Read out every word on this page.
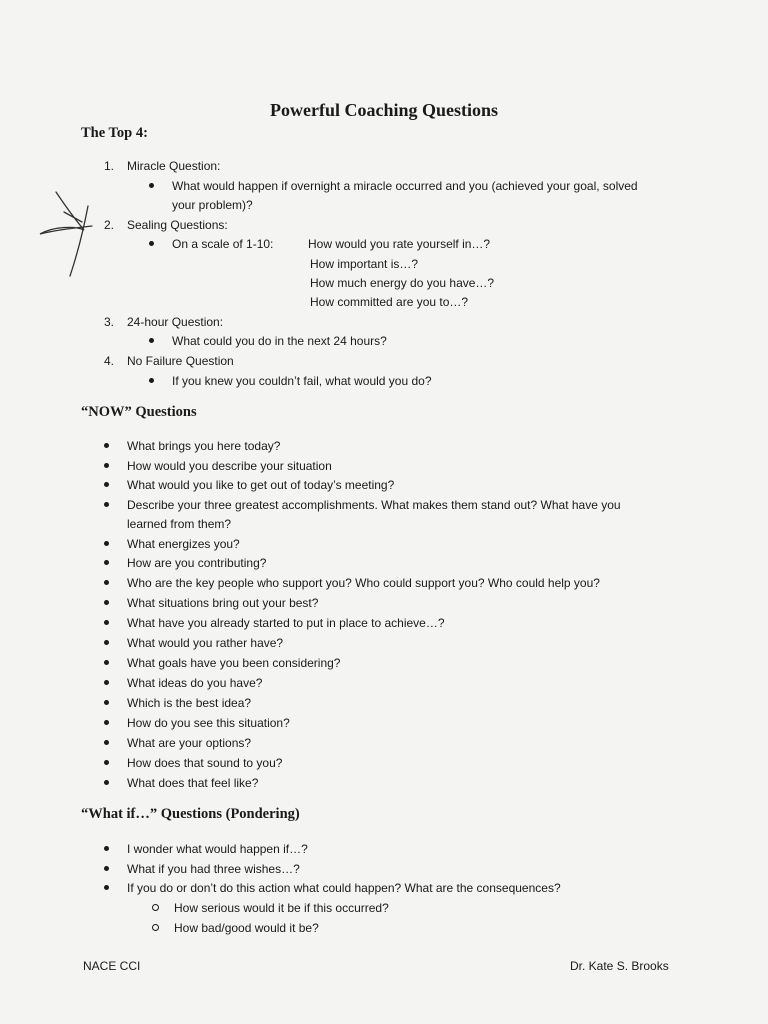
Powerful Coaching Questions
The Top 4:
1. Miracle Question:
What would happen if overnight a miracle occurred and you (achieved your goal, solved
your problem)?
2. Sealing Questions:
On a scale of 1-10:	How would you rate yourself in…?
How important is…?
How much energy do you have…?
How committed are you to…?
3. 24-hour Question:
What could you do in the next 24 hours?
4. No Failure Question
If you knew you couldn’t fail, what would you do?
“NOW” Questions
What brings you here today?
How would you describe your situation
What would you like to get out of today’s meeting?
Describe your three greatest accomplishments. What makes them stand out? What have you
learned from them?
What energizes you?
How are you contributing?
Who are the key people who support you? Who could support you? Who could help you?
What situations bring out your best?
What have you already started to put in place to achieve…?
What would you rather have?
What goals have you been considering?
What ideas do you have?
Which is the best idea?
How do you see this situation?
What are your options?
How does that sound to you?
What does that feel like?
“What if…” Questions (Pondering)
I wonder what would happen if…?
What if you had three wishes…?
If you do or don’t do this action what could happen? What are the consequences?
How serious would it be if this occurred?
How bad/good would it be?
NACE CCI	Dr. Kate S. Brooks
